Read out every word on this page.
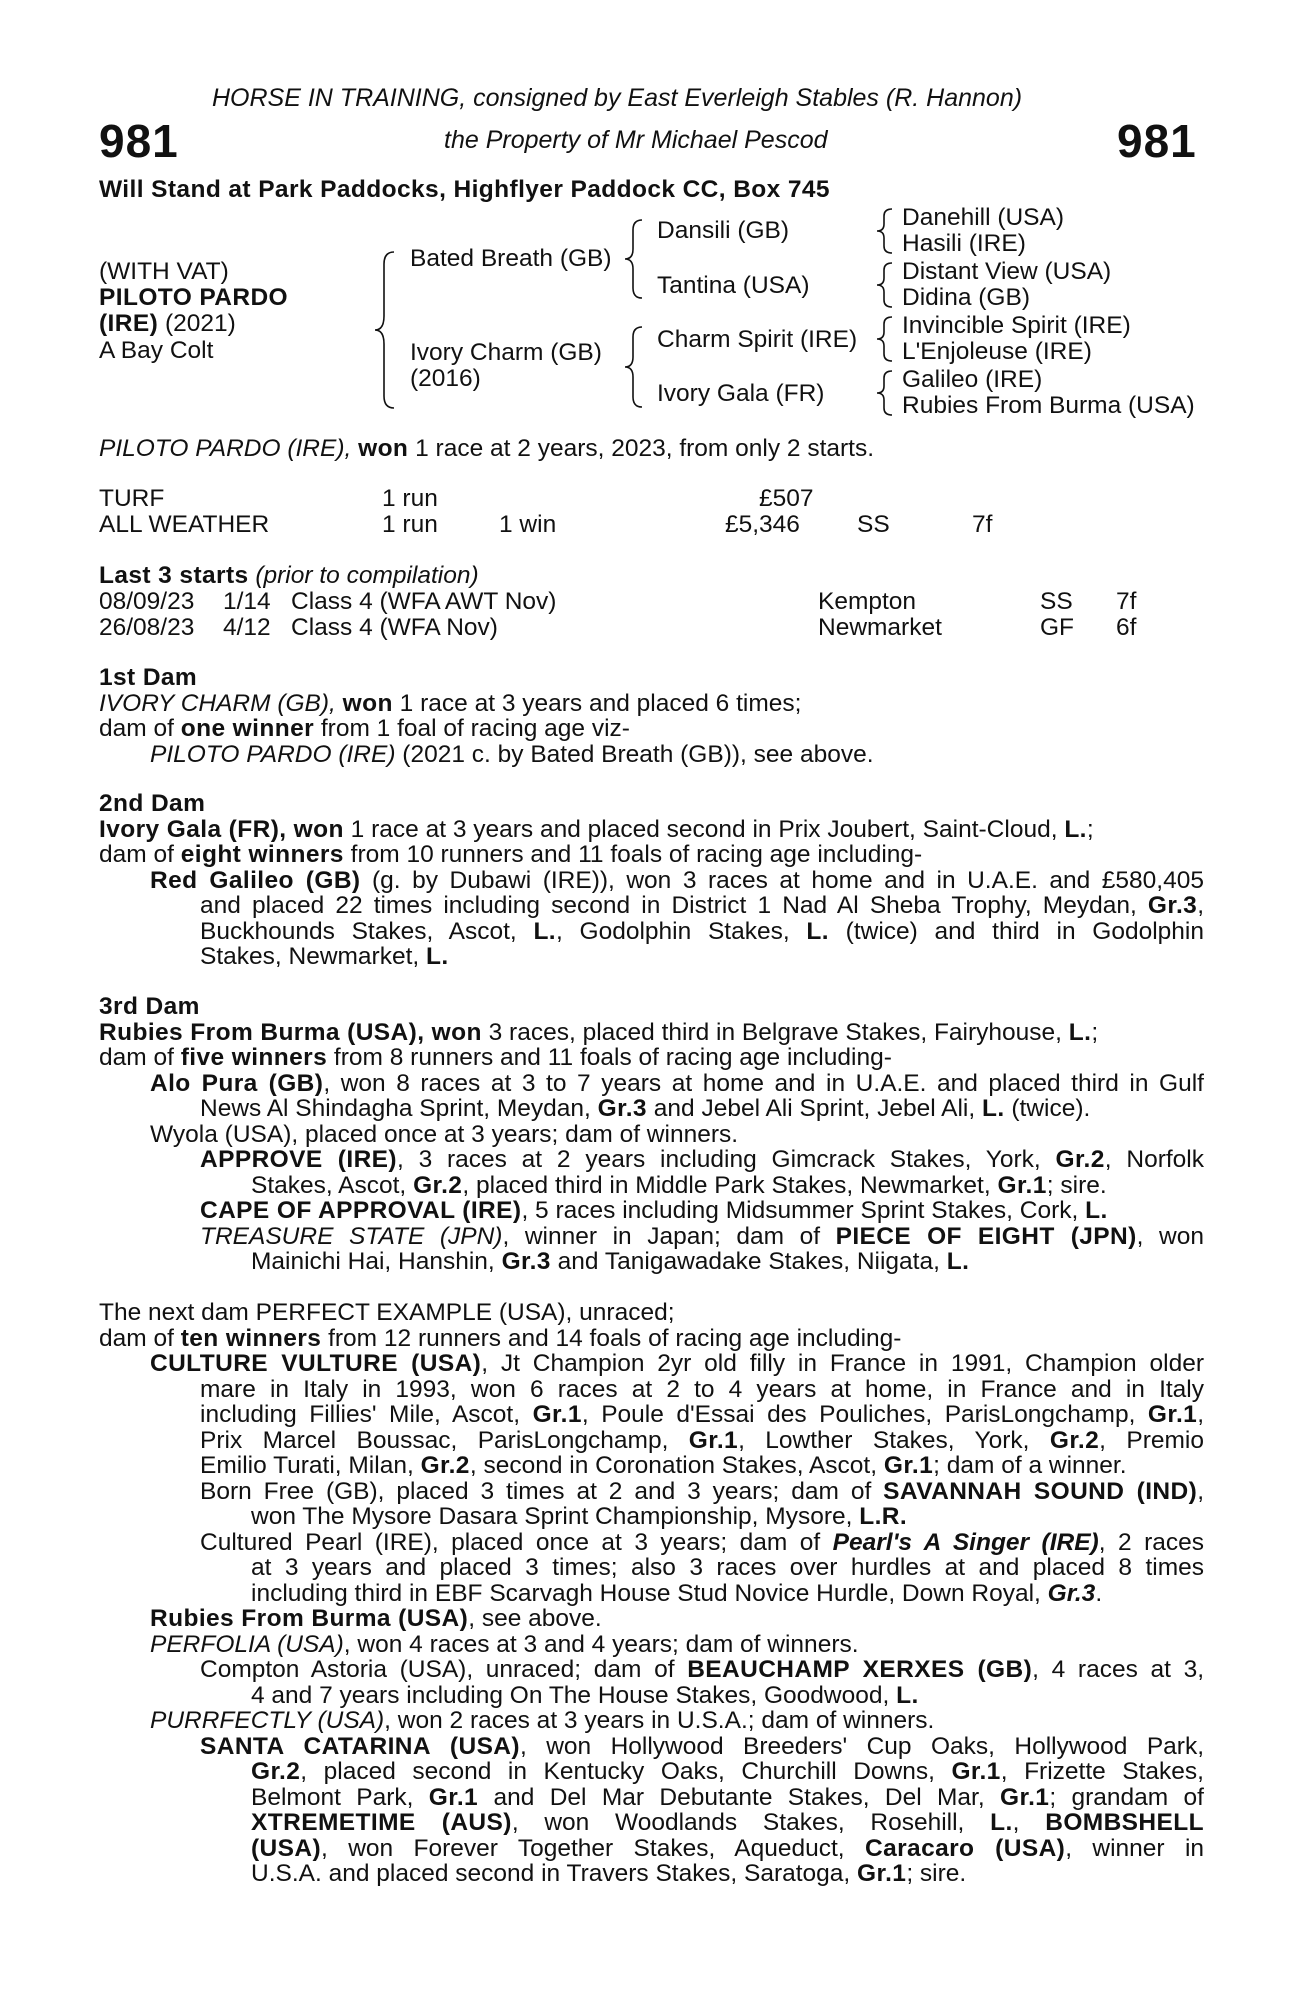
HORSE IN TRAINING, consigned by East Everleigh Stables (R. Hannon)
981	the Property of Mr Michael Pescod	981
Will Stand at Park Paddocks, Highflyer Paddock CC, Box 745
(WITH VAT)
PILOTO PARDO
(IRE) (2021)
A Bay Colt
Bated Breath (GB)
Ivory Charm (GB)
(2016)
Dansili (GB)
Tantina (USA)
Charm Spirit (IRE)
Ivory Gala (FR)
Danehill (USA)
Hasili (IRE)
Distant View (USA)
Didina (GB)
Invincible Spirit (IRE)
L'Enjoleuse (IRE)
Galileo (IRE)
Rubies From Burma (USA)
PILOTO PARDO (IRE), won 1 race at 2 years, 2023, from only 2 starts.
TURF	1 run	£507
ALL WEATHER	1 run 1 win	£5,346 SS	7f
Last 3 starts (prior to compilation)
08/09/23 1/14 Class 4 (WFA AWT Nov)	Kempton	SS 7f
26/08/23 4/12 Class 4 (WFA Nov)	Newmarket	GF 6f
1st Dam
IVORY CHARM (GB), won 1 race at 3 years and placed 6 times;
dam of one winner from 1 foal of racing age viz-
PILOTO PARDO (IRE) (2021 c. by Bated Breath (GB)), see above.
2nd Dam
Ivory Gala (FR), won 1 race at 3 years and placed second in Prix Joubert, Saint-Cloud, L.;
dam of eight winners from 10 runners and 11 foals of racing age including-
Red Galileo (GB) (g. by Dubawi (IRE)), won 3 races at home and in U.A.E. and £580,405
and placed 22 times including second in District 1 Nad Al Sheba Trophy, Meydan, Gr.3,
Buckhounds Stakes, Ascot, L., Godolphin Stakes, L. (twice) and third in Godolphin
Stakes, Newmarket, L.
3rd Dam
Rubies From Burma (USA), won 3 races, placed third in Belgrave Stakes, Fairyhouse, L.;
dam of five winners from 8 runners and 11 foals of racing age including-
Alo Pura (GB), won 8 races at 3 to 7 years at home and in U.A.E. and placed third in Gulf
News Al Shindagha Sprint, Meydan, Gr.3 and Jebel Ali Sprint, Jebel Ali, L. (twice).
Wyola (USA), placed once at 3 years; dam of winners.
APPROVE (IRE), 3 races at 2 years including Gimcrack Stakes, York, Gr.2, Norfolk
Stakes, Ascot, Gr.2, placed third in Middle Park Stakes, Newmarket, Gr.1; sire.
CAPE OF APPROVAL (IRE), 5 races including Midsummer Sprint Stakes, Cork, L.
TREASURE STATE (JPN), winner in Japan; dam of PIECE OF EIGHT (JPN), won
Mainichi Hai, Hanshin, Gr.3 and Tanigawadake Stakes, Niigata, L.
The next dam PERFECT EXAMPLE (USA), unraced;
dam of ten winners from 12 runners and 14 foals of racing age including-
CULTURE VULTURE (USA), Jt Champion 2yr old filly in France in 1991, Champion older
mare in Italy in 1993, won 6 races at 2 to 4 years at home, in France and in Italy
including Fillies' Mile, Ascot, Gr.1, Poule d'Essai des Pouliches, ParisLongchamp, Gr.1,
Prix Marcel Boussac, ParisLongchamp, Gr.1, Lowther Stakes, York, Gr.2, Premio
Emilio Turati, Milan, Gr.2, second in Coronation Stakes, Ascot, Gr.1; dam of a winner.
Born Free (GB), placed 3 times at 2 and 3 years; dam of SAVANNAH SOUND (IND),
won The Mysore Dasara Sprint Championship, Mysore, L.R.
Cultured Pearl (IRE), placed once at 3 years; dam of Pearl's A Singer (IRE), 2 races
at 3 years and placed 3 times; also 3 races over hurdles at and placed 8 times
including third in EBF Scarvagh House Stud Novice Hurdle, Down Royal, Gr.3.
Rubies From Burma (USA), see above.
PERFOLIA (USA), won 4 races at 3 and 4 years; dam of winners.
Compton Astoria (USA), unraced; dam of BEAUCHAMP XERXES (GB), 4 races at 3,
4 and 7 years including On The House Stakes, Goodwood, L.
PURRFECTLY (USA), won 2 races at 3 years in U.S.A.; dam of winners.
SANTA CATARINA (USA), won Hollywood Breeders' Cup Oaks, Hollywood Park,
Gr.2, placed second in Kentucky Oaks, Churchill Downs, Gr.1, Frizette Stakes,
Belmont Park, Gr.1 and Del Mar Debutante Stakes, Del Mar, Gr.1; grandam of
XTREMETIME (AUS), won Woodlands Stakes, Rosehill, L., BOMBSHELL
(USA), won Forever Together Stakes, Aqueduct, Caracaro (USA), winner in
U.S.A. and placed second in Travers Stakes, Saratoga, Gr.1; sire.
